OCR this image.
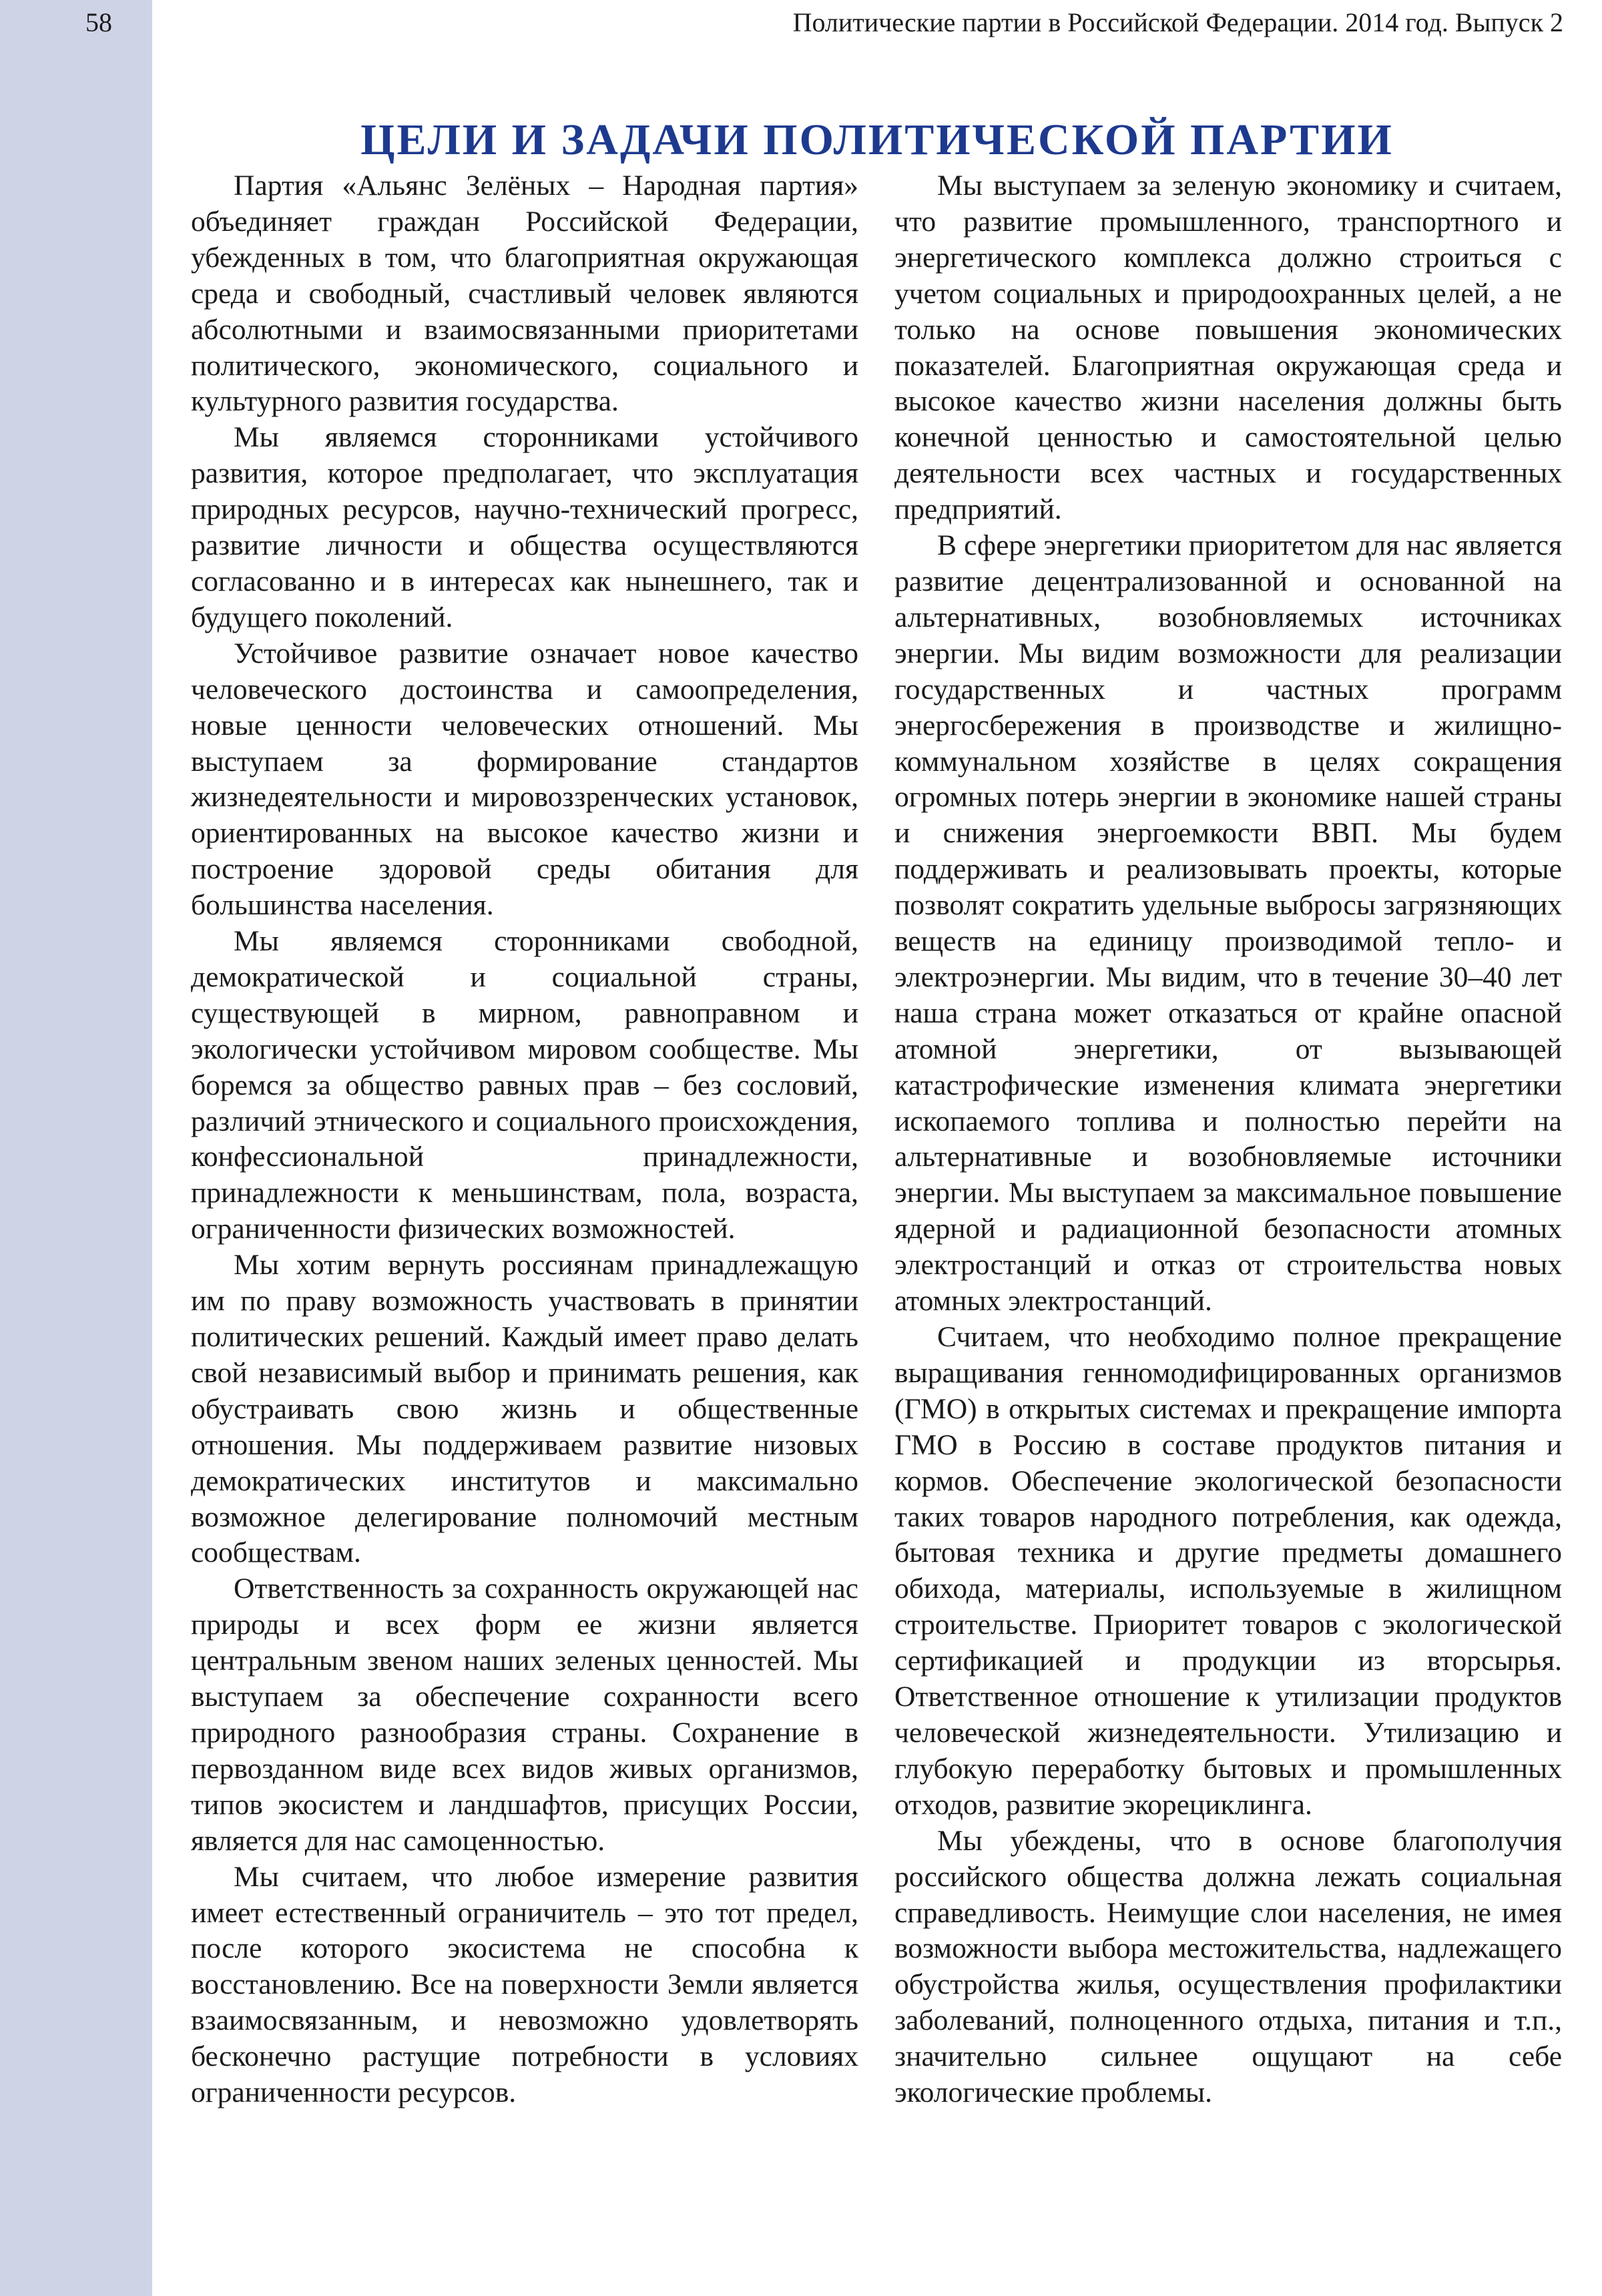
58	Политические партии в Российской Федерации. 2014 год. Выпуск 2
ЦЕЛИ И ЗАДАЧИ ПОЛИТИЧЕСКОЙ ПАРТИИ

Партия «Альянс Зелёных – Народная партия» объединяет граждан Российской Федерации, убежденных в том, что благоприятная окружающая среда и свободный, счастливый человек являются абсолютными и взаимосвязанными приоритетами политического, экономического, социального и культурного развития государства.

Мы являемся сторонниками устойчивого развития, которое предполагает, что эксплуатация природных ресурсов, научно-технический прогресс, развитие личности и общества осуществляются согласованно и в интересах как нынешнего, так и будущего поколений.

Устойчивое развитие означает новое качество человеческого достоинства и самоопределения, новые ценности человеческих отношений. Мы выступаем за формирование стандартов жизнедеятельности и мировоззренческих установок, ориентированных на высокое качество жизни и построение здоровой среды обитания для большинства населения.

Мы являемся сторонниками свободной, демократической и социальной страны, существующей в мирном, равноправном и экологически устойчивом мировом сообществе. Мы боремся за общество равных прав – без сословий, различий этнического и социального происхождения, конфессиональной принадлежности, принадлежности к меньшинствам, пола, возраста, ограниченности физических возможностей.

Мы хотим вернуть россиянам принадлежащую им по праву возможность участвовать в принятии политических решений. Каждый имеет право делать свой независимый выбор и принимать решения, как обустраивать свою жизнь и общественные отношения. Мы поддерживаем развитие низовых демократических институтов и максимально возможное делегирование полномочий местным сообществам.

Ответственность за сохранность окружающей нас природы и всех форм ее жизни является центральным звеном наших зеленых ценностей. Мы выступаем за обеспечение сохранности всего природного разнообразия страны. Сохранение в первозданном виде всех видов живых организмов, типов экосистем и ландшафтов, присущих России, является для нас самоценностью.

Мы считаем, что любое измерение развития имеет естественный ограничитель – это тот предел, после которого экосистема не способна к восстановлению. Все на поверхности Земли является взаимосвязанным, и невозможно удовлетворять бесконечно растущие потребности в условиях ограниченности ресурсов.

Мы выступаем за зеленую экономику и считаем, что развитие промышленного, транспортного и энергетического комплекса должно строиться с учетом социальных и природоохранных целей, а не только на основе повышения экономических показателей. Благоприятная окружающая среда и высокое качество жизни населения должны быть конечной ценностью и самостоятельной целью деятельности всех частных и государственных предприятий.

В сфере энергетики приоритетом для нас является развитие децентрализованной и основанной на альтернативных, возобновляемых источниках энергии. Мы видим возможности для реализации государственных и частных программ энергосбережения в производстве и жилищно-коммунальном хозяйстве в целях сокращения огромных потерь энергии в экономике нашей страны и снижения энергоемкости ВВП. Мы будем поддерживать и реализовывать проекты, которые позволят сократить удельные выбросы загрязняющих веществ на единицу производимой тепло- и электроэнергии. Мы видим, что в течение 30–40 лет наша страна может отказаться от крайне опасной атомной энергетики, от вызывающей катастрофические изменения климата энергетики ископаемого топлива и полностью перейти на альтернативные и возобновляемые источники энергии. Мы выступаем за максимальное повышение ядерной и радиационной безопасности атомных электростанций и отказ от строительства новых атомных электростанций.

Считаем, что необходимо полное прекращение выращивания генномодифицированных организмов (ГМО) в открытых системах и прекращение импорта ГМО в Россию в составе продуктов питания и кормов. Обеспечение экологической безопасности таких товаров народного потребления, как одежда, бытовая техника и другие предметы домашнего обихода, материалы, используемые в жилищном строительстве. Приоритет товаров с экологической сертификацией и продукции из вторсырья. Ответственное отношение к утилизации продуктов человеческой жизнедеятельности. Утилизацию и глубокую переработку бытовых и промышленных отходов, развитие экорециклинга.

Мы убеждены, что в основе благополучия российского общества должна лежать социальная справедливость. Неимущие слои населения, не имея возможности выбора местожительства, надлежащего обустройства жилья, осуществления профилактики заболеваний, полноценного отдыха, питания и т.п., значительно сильнее ощущают на себе экологические проблемы.
